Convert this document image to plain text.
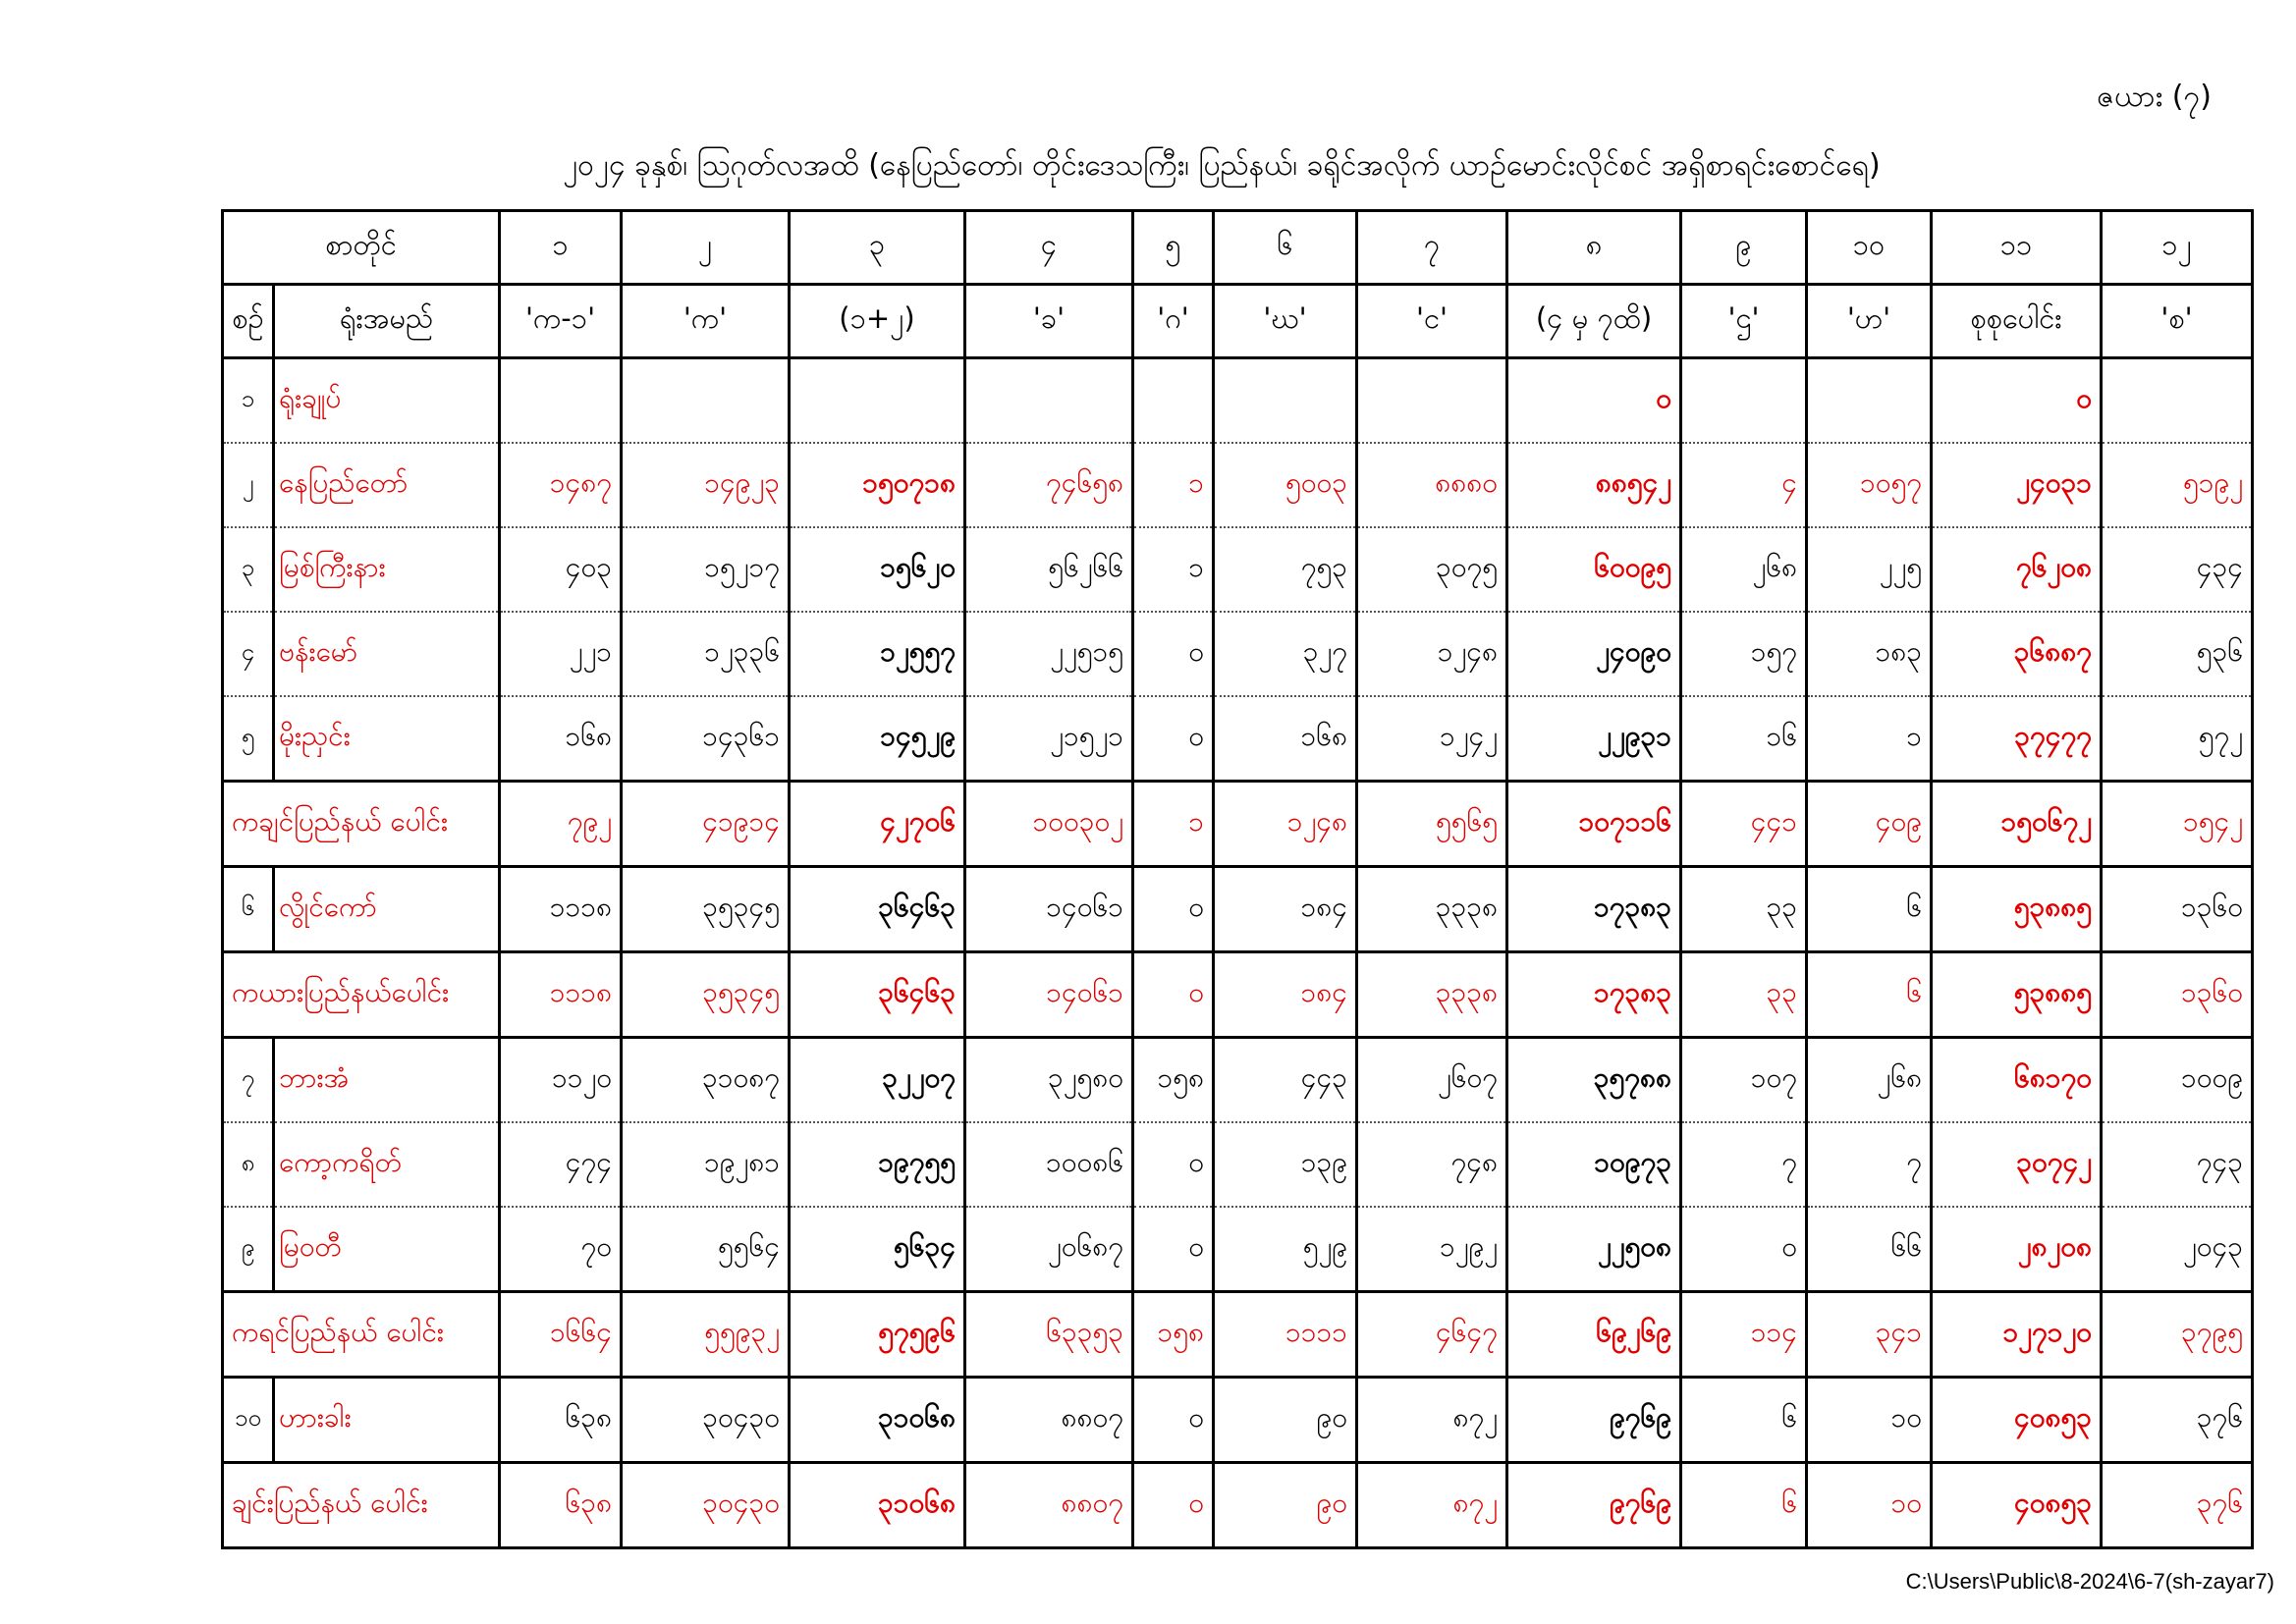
ဇယား (၇)
၂၀၂၄ ခုနှစ်၊ ဩဂုတ်လအထိ (နေပြည်တော်၊ တိုင်းဒေသကြီး၊ ပြည်နယ်၊ ခရိုင်အလိုက် ယာဉ်မောင်းလိုင်စင် အရှိစာရင်းစောင်ရေ)
စာတိုင်		၁	၂	၃	၄	၅	၆	၇	၈	၉	၁၀	၁၁	၁၂
စဉ်	ရုံးအမည်	'က-၁'	'က'	(၁+၂)	'ခ'	'ဂ'	'ဃ'	'င'	(၄ မှ ၇ထိ)	'ဌ'	'ဟ'	စုစုပေါင်း	'စ'
၁	ရုံးချုပ်								၀			၀	
၂	နေပြည်တော်	၁၄၈၇	၁၄၉၂၃	၁၅၀၇၁၈	၇၄၆၅၈	၁	၅၀၀၃	၈၈၈၀	၈၈၅၄၂	၄	၁၀၅၇	၂၄၀၃၁	၅၁၉၂
၃	မြစ်ကြီးနား	၄၀၃	၁၅၂၁၇	၁၅၆၂၀	၅၆၂၆၆	၁	၇၅၃	၃၀၇၅	၆၀၀၉၅	၂၆၈	၂၂၅	၇၆၂၀၈	၄၃၄
၄	ဗန်းမော်	၂၂၁	၁၂၃၃၆	၁၂၅၅၇	၂၂၅၁၅	၀	၃၂၇	၁၂၄၈	၂၄၀၉၀	၁၅၇	၁၈၃	၃၆၈၈၇	၅၃၆
၅	မိုးညှင်း	၁၆၈	၁၄၃၆၁	၁၄၅၂၉	၂၁၅၂၁	၀	၁၆၈	၁၂၄၂	၂၂၉၃၁	၁၆	၁	၃၇၄၇၇	၅၇၂
ကချင်ပြည်နယ် ပေါင်း		၇၉၂	၄၁၉၁၄	၄၂၇၀၆	၁၀၀၃၀၂	၁	၁၂၄၈	၅၅၆၅	၁၀၇၁၁၆	၄၄၁	၄၀၉	၁၅၀၆၇၂	၁၅၄၂
၆	လွိုင်ကော်	၁၁၁၈	၃၅၃၄၅	၃၆၄၆၃	၁၄၀၆၁	၀	၁၈၄	၃၃၃၈	၁၇၃၈၃	၃၃	၆	၅၃၈၈၅	၁၃၆၀
ကယားပြည်နယ်ပေါင်း		၁၁၁၈	၃၅၃၄၅	၃၆၄၆၃	၁၄၀၆၁	၀	၁၈၄	၃၃၃၈	၁၇၃၈၃	၃၃	၆	၅၃၈၈၅	၁၃၆၀
၇	ဘားအံ	၁၁၂၀	၃၁၀၈၇	၃၂၂၀၇	၃၂၅၈၀	၁၅၈	၄၄၃	၂၆၀၇	၃၅၇၈၈	၁၀၇	၂၆၈	၆၈၁၇၀	၁၀၀၉
၈	ကော့ကရိတ်	၄၇၄	၁၉၂၈၁	၁၉၇၅၅	၁၀၀၈၆	၀	၁၃၉	၇၄၈	၁၀၉၇၃	၇	၇	၃၀၇၄၂	၇၄၃
၉	မြဝတီ	၇၀	၅၅၆၄	၅၆၃၄	၂၀၆၈၇	၀	၅၂၉	၁၂၉၂	၂၂၅၀၈	၀	၆၆	၂၈၂၀၈	၂၀၄၃
ကရင်ပြည်နယ် ပေါင်း		၁၆၆၄	၅၅၉၃၂	၅၇၅၉၆	၆၃၃၅၃	၁၅၈	၁၁၁၁	၄၆၄၇	၆၉၂၆၉	၁၁၄	၃၄၁	၁၂၇၁၂၀	၃၇၉၅
၁၀	ဟားခါး	၆၃၈	၃၀၄၃၀	၃၁၀၆၈	၈၈၀၇	၀	၉၀	၈၇၂	၉၇၆၉	၆	၁၀	၄၀၈၅၃	၃၇၆
ချင်းပြည်နယ် ပေါင်း		၆၃၈	၃၀၄၃၀	၃၁၀၆၈	၈၈၀၇	၀	၉၀	၈၇၂	၉၇၆၉	၆	၁၀	၄၀၈၅၃	၃၇၆
C:\Users\Public\8-2024\6-7(sh-zayar7)
